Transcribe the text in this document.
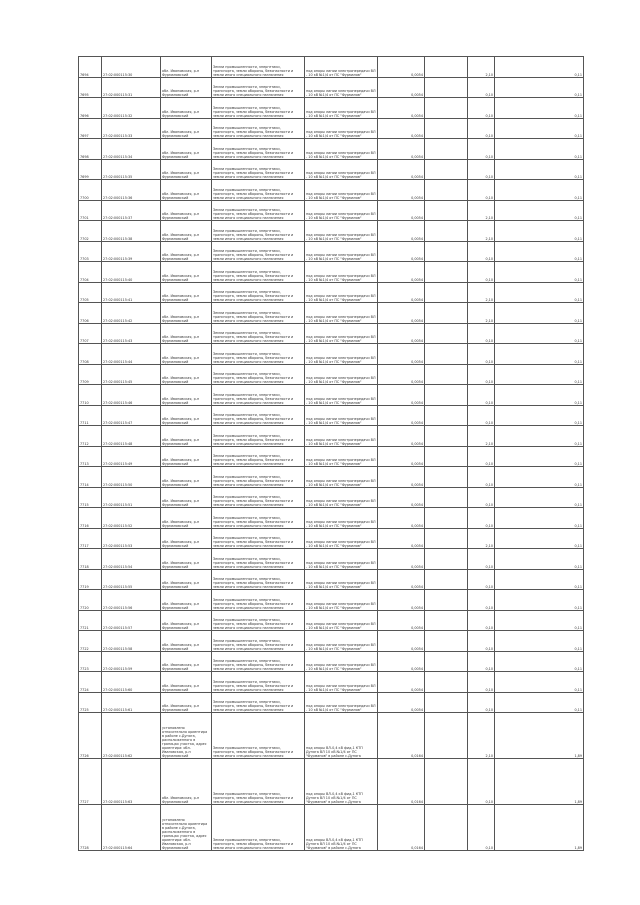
7694	27:02:000115:30	обл. Ивановская, р-н Фурмановский	Земли промышленности, энергетики, транспорта, земли обороны, безопасности и земли иного специального назначения	под опоры линии электропередачи ВЛ - 10 кВ №1/4 от ПС "Фурманов"	0,0054		2,10	0,11
7695	27:02:000115:31	обл. Ивановская, р-н Фурмановский	Земли промышленности, энергетики, транспорта, земли обороны, безопасности и земли иного специального назначения	под опоры линии электропередачи ВЛ - 10 кВ №1/4 от ПС "Фурманов"	0,0054		0,10	0,11
7696	27:02:000115:32	обл. Ивановская, р-н Фурмановский	Земли промышленности, энергетики, транспорта, земли обороны, безопасности и земли иного специального назначения	под опоры линии электропередачи ВЛ - 10 кВ №1/4 от ПС "Фурманов"	0,0054		0,10	0,11
7697	27:02:000115:33	обл. Ивановская, р-н Фурмановский	Земли промышленности, энергетики, транспорта, земли обороны, безопасности и земли иного специального назначения	под опоры линии электропередачи ВЛ - 10 кВ №1/4 от ПС "Фурманов"	0,0054		0,10	0,11
7698	27:02:000115:34	обл. Ивановская, р-н Фурмановский	Земли промышленности, энергетики, транспорта, земли обороны, безопасности и земли иного специального назначения	под опоры линии электропередачи ВЛ - 10 кВ №1/4 от ПС "Фурманов"	0,0054		0,10	0,11
7699	27:02:000115:35	обл. Ивановская, р-н Фурмановский	Земли промышленности, энергетики, транспорта, земли обороны, безопасности и земли иного специального назначения	под опоры линии электропередачи ВЛ - 10 кВ №1/4 от ПС "Фурманов"	0,0054		0,10	0,11
7700	27:02:000115:36	обл. Ивановская, р-н Фурмановский	Земли промышленности, энергетики, транспорта, земли обороны, безопасности и земли иного специального назначения	под опоры линии электропередачи ВЛ - 10 кВ №1/4 от ПС "Фурманов"	0,0054		0,10	0,11
7701	27:02:000115:37	обл. Ивановская, р-н Фурмановский	Земли промышленности, энергетики, транспорта, земли обороны, безопасности и земли иного специального назначения	под опоры линии электропередачи ВЛ - 10 кВ №1/4 от ПС "Фурманов"	0,0054		2,10	0,11
7702	27:02:000115:38	обл. Ивановская, р-н Фурмановский	Земли промышленности, энергетики, транспорта, земли обороны, безопасности и земли иного специального назначения	под опоры линии электропередачи ВЛ - 10 кВ №1/4 от ПС "Фурманов"	0,0054		2,10	0,11
7703	27:02:000115:39	обл. Ивановская, р-н Фурмановский	Земли промышленности, энергетики, транспорта, земли обороны, безопасности и земли иного специального назначения	под опоры линии электропередачи ВЛ - 10 кВ №1/4 от ПС "Фурманов"	0,0054		0,10	0,11
7704	27:02:000115:40	обл. Ивановская, р-н Фурмановский	Земли промышленности, энергетики, транспорта, земли обороны, безопасности и земли иного специального назначения	под опоры линии электропередачи ВЛ - 10 кВ №1/4 от ПС "Фурманов"	0,0054		0,10	0,11
7705	27:02:000115:41	обл. Ивановская, р-н Фурмановский	Земли промышленности, энергетики, транспорта, земли обороны, безопасности и земли иного специального назначения	под опоры линии электропередачи ВЛ - 10 кВ №1/4 от ПС "Фурманов"	0,0054		2,10	0,11
7706	27:02:000115:42	обл. Ивановская, р-н Фурмановский	Земли промышленности, энергетики, транспорта, земли обороны, безопасности и земли иного специального назначения	под опоры линии электропередачи ВЛ - 10 кВ №1/4 от ПС "Фурманов"	0,0054		2,10	0,11
7707	27:02:000115:43	обл. Ивановская, р-н Фурмановский	Земли промышленности, энергетики, транспорта, земли обороны, безопасности и земли иного специального назначения	под опоры линии электропередачи ВЛ - 10 кВ №1/4 от ПС "Фурманов"	0,0054		0,10	0,11
7708	27:02:000115:44	обл. Ивановская, р-н Фурмановский	Земли промышленности, энергетики, транспорта, земли обороны, безопасности и земли иного специального назначения	под опоры линии электропередачи ВЛ - 10 кВ №1/4 от ПС "Фурманов"	0,0054		0,10	0,11
7709	27:02:000115:45	обл. Ивановская, р-н Фурмановский	Земли промышленности, энергетики, транспорта, земли обороны, безопасности и земли иного специального назначения	под опоры линии электропередачи ВЛ - 10 кВ №1/4 от ПС "Фурманов"	0,0054		0,10	0,11
7710	27:02:000115:46	обл. Ивановская, р-н Фурмановский	Земли промышленности, энергетики, транспорта, земли обороны, безопасности и земли иного специального назначения	под опоры линии электропередачи ВЛ - 10 кВ №1/4 от ПС "Фурманов"	0,0054		0,10	0,11
7711	27:02:000115:47	обл. Ивановская, р-н Фурмановский	Земли промышленности, энергетики, транспорта, земли обороны, безопасности и земли иного специального назначения	под опоры линии электропередачи ВЛ - 10 кВ №1/4 от ПС "Фурманов"	0,0054		0,10	0,11
7712	27:02:000115:48	обл. Ивановская, р-н Фурмановский	Земли промышленности, энергетики, транспорта, земли обороны, безопасности и земли иного специального назначения	под опоры линии электропередачи ВЛ - 10 кВ №1/4 от ПС "Фурманов"	0,0054		2,10	0,11
7713	27:02:000115:49	обл. Ивановская, р-н Фурмановский	Земли промышленности, энергетики, транспорта, земли обороны, безопасности и земли иного специального назначения	под опоры линии электропередачи ВЛ - 10 кВ №1/4 от ПС "Фурманов"	0,0054		0,10	0,11
7714	27:02:000115:50	обл. Ивановская, р-н Фурмановский	Земли промышленности, энергетики, транспорта, земли обороны, безопасности и земли иного специального назначения	под опоры линии электропередачи ВЛ - 10 кВ №1/4 от ПС "Фурманов"	0,0054		0,10	0,11
7715	27:02:000115:51	обл. Ивановская, р-н Фурмановский	Земли промышленности, энергетики, транспорта, земли обороны, безопасности и земли иного специального назначения	под опоры линии электропередачи ВЛ - 10 кВ №1/4 от ПС "Фурманов"	0,0054		0,10	0,11
7716	27:02:000115:52	обл. Ивановская, р-н Фурмановский	Земли промышленности, энергетики, транспорта, земли обороны, безопасности и земли иного специального назначения	под опоры линии электропередачи ВЛ - 10 кВ №1/4 от ПС "Фурманов"	0,0054		0,10	0,11
7717	27:02:000115:53	обл. Ивановская, р-н Фурмановский	Земли промышленности, энергетики, транспорта, земли обороны, безопасности и земли иного специального назначения	под опоры линии электропередачи ВЛ - 10 кВ №1/4 от ПС "Фурманов"	0,0054		2,10	0,11
7718	27:02:000115:54	обл. Ивановская, р-н Фурмановский	Земли промышленности, энергетики, транспорта, земли обороны, безопасности и земли иного специального назначения	под опоры линии электропередачи ВЛ - 10 кВ №1/4 от ПС "Фурманов"	0,0054		0,10	0,11
7719	27:02:000115:55	обл. Ивановская, р-н Фурмановский	Земли промышленности, энергетики, транспорта, земли обороны, безопасности и земли иного специального назначения	под опоры линии электропередачи ВЛ - 10 кВ №1/4 от ПС "Фурманов"	0,0054		0,10	0,11
7720	27:02:000115:56	обл. Ивановская, р-н Фурмановский	Земли промышленности, энергетики, транспорта, земли обороны, безопасности и земли иного специального назначения	под опоры линии электропередачи ВЛ - 10 кВ №1/4 от ПС "Фурманов"	0,0054		0,10	0,11
7721	27:02:000115:57	обл. Ивановская, р-н Фурмановский	Земли промышленности, энергетики, транспорта, земли обороны, безопасности и земли иного специального назначения	под опоры линии электропередачи ВЛ - 10 кВ №1/4 от ПС "Фурманов"	0,0054		0,10	0,11
7722	27:02:000115:58	обл. Ивановская, р-н Фурмановский	Земли промышленности, энергетики, транспорта, земли обороны, безопасности и земли иного специального назначения	под опоры линии электропередачи ВЛ - 10 кВ №1/4 от ПС "Фурманов"	0,0054		0,10	0,11
7723	27:02:000115:59	обл. Ивановская, р-н Фурмановский	Земли промышленности, энергетики, транспорта, земли обороны, безопасности и земли иного специального назначения	под опоры линии электропередачи ВЛ - 10 кВ №1/4 от ПС "Фурманов"	0,0054		0,10	0,11
7724	27:02:000115:60	обл. Ивановская, р-н Фурмановский	Земли промышленности, энергетики, транспорта, земли обороны, безопасности и земли иного специального назначения	под опоры линии электропередачи ВЛ - 10 кВ №1/4 от ПС "Фурманов"	0,0054		0,10	0,11
7725	27:02:000115:61	обл. Ивановская, р-н Фурмановский	Земли промышленности, энергетики, транспорта, земли обороны, безопасности и земли иного специального назначения	под опоры линии электропередачи ВЛ - 10 кВ №1/4 от ПС "Фурманов"	0,0054		0,10	0,11
7726	27:02:000115:62	установлено относительно ориентира в районе с.Дуняга, расположенного в границах участка, адрес ориентира: обл. Ивановская, р-н Фурмановский	Земли промышленности, энергетики, транспорта, земли обороны, безопасности и земли иного специального назначения	под опоры ВЛ-0,4 кВ фид.1 КТП Дуняга ВЛ 10 кВ №1/4 от ПС "Фурманов" в районе с.Дуняга	0,0164		2,10	1,89
7727	27:02:000115:63	обл. Ивановская, р-н Фурмановский	Земли промышленности, энергетики, транспорта, земли обороны, безопасности и земли иного специального назначения	под опоры ВЛ-0,4 кВ фид.1 КТП Дуняга ВЛ 10 кВ №1/4 от ПС "Фурманов" в районе с.Дуняга	0,0164		0,10	1,89
7728	27:02:000115:64	установлено относительно ориентира в районе с.Дуняга, расположенного в границах участка, адрес ориентира: обл. Ивановская, р-н Фурмановский	Земли промышленности, энергетики, транспорта, земли обороны, безопасности и земли иного специального назначения	под опоры ВЛ-0,4 кВ фид.1 КТП Дуняга ВЛ 10 кВ №1/4 от ПС "Фурманов" в районе с.Дуняга	0,0164		0,10	1,89
